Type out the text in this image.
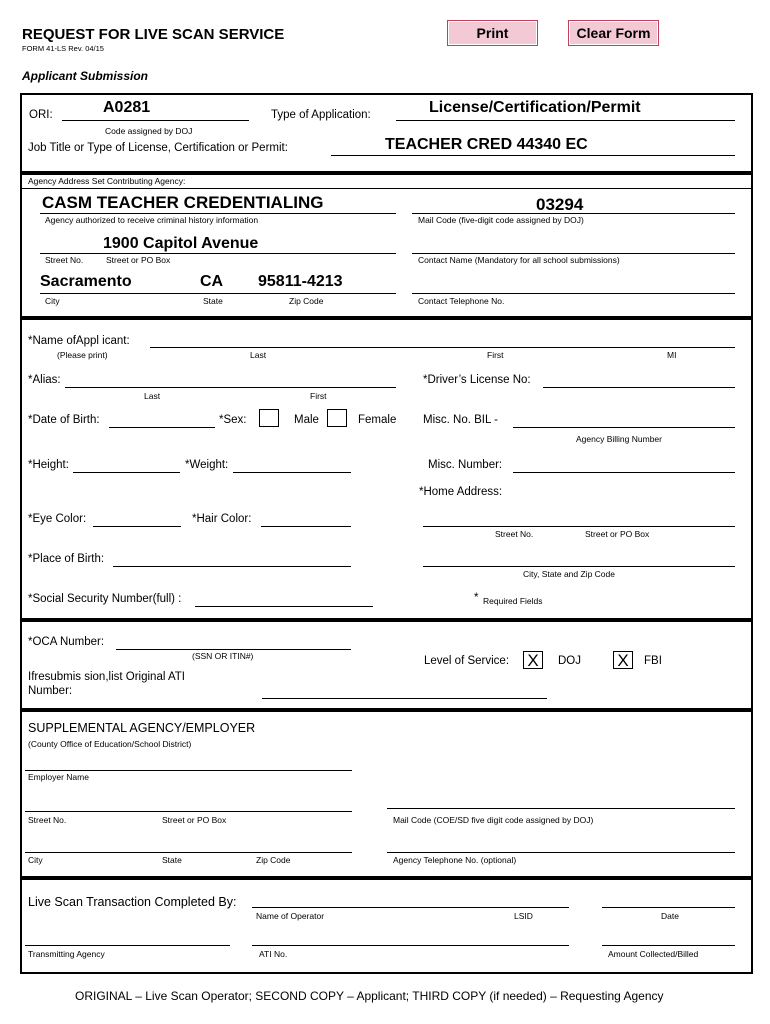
REQUEST FOR LIVE SCAN SERVICE
FORM 41-LS Rev. 04/15
Print	Clear Form
Applicant Submission
ORI:	A0281
Code assigned by DOJ
Type of Application:	License/Certification/Permit
Job Title or Type of License, Certification or Permit:	TEACHER CRED 44340 EC
Agency Address Set Contributing Agency:
CASM TEACHER CREDENTIALING
Agency authorized to receive criminal history information
03294
Mail Code (five-digit code assigned by DOJ)
1900 Capitol Avenue
Street No.	Street or PO Box	Contact Name (Mandatory for all school submissions)
Sacramento	CA 95811-4213
City	State	Zip Code	Contact Telephone No.
*Name ofAppl icant:
(Please print)	Last	First	MI
*Alias:
Last	First
*Driver’s License No:
*Date of Birth:	*Sex:	Male	Female Misc. No. BIL -
Agency Billing Number
*Height:	*Weight:	Misc. Number:
*Home Address:
*Eye Color:	*Hair Color:
Street No.	Street or PO Box
*Place of Birth:
City, State and Zip Code
*Social Security Number(full) :	* Required Fields
*OCA Number:
(SSN OR ITIN#)
Ifresubmis sion,list Original ATI
Number:
Level of Service: X	DOJ X	FBI
SUPPLEMENTAL AGENCY/EMPLOYER
(County Office of Education/School District)
Employer Name
Street No.	Street or PO Box	Mail Code (COE/SD five digit code assigned by DOJ)
City	State	Zip Code	Agency Telephone No. (optional)
Live Scan Transaction Completed By:
Name of Operator	LSID	Date
Transmitting Agency	ATI No.	Amount Collected/Billed
ORIGINAL – Live Scan Operator; SECOND COPY – Applicant; THIRD COPY (if needed) – Requesting Agency
